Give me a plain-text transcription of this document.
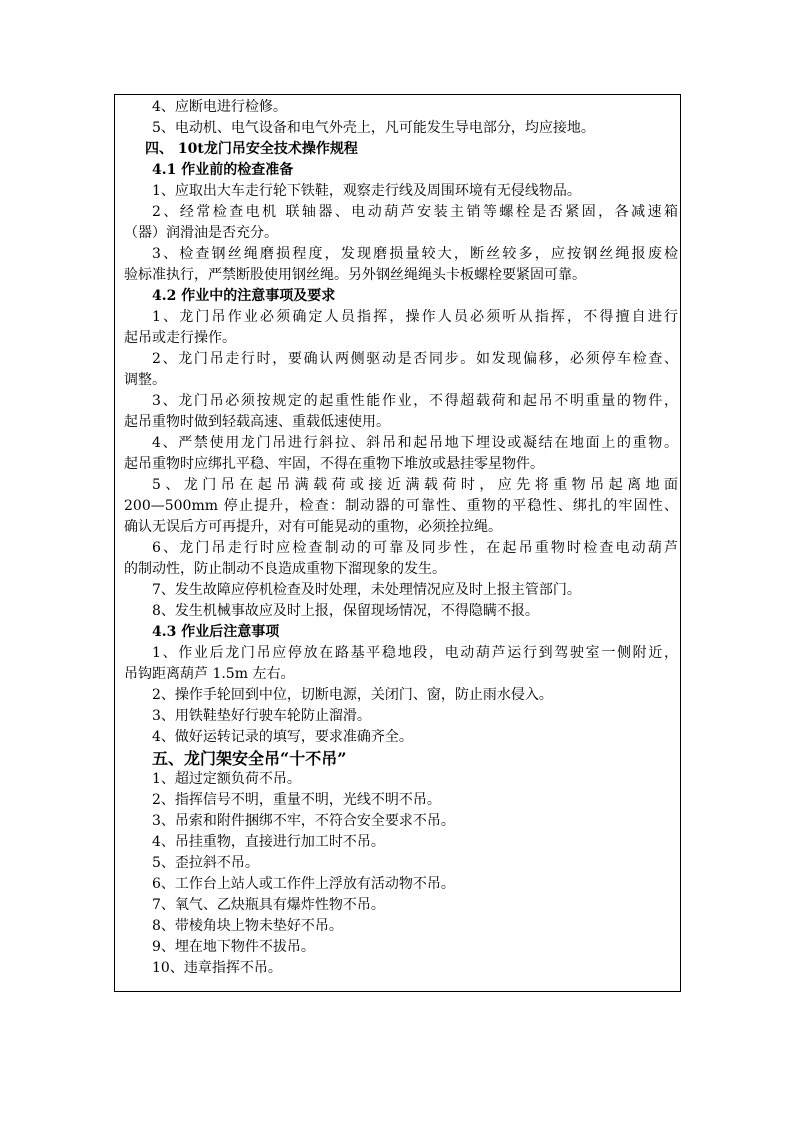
4、应断电进行检修。
5、电动机、电气设备和电气外壳上，凡可能发生导电部分，均应接地。
四、 10t龙门吊安全技术操作规程
4.1 作业前的检查准备
1、应取出大车走行轮下铁鞋，观察走行线及周围环境有无侵线物品。
2、经常检查电机 联轴器、电动葫芦安装主销等螺栓是否紧固，各减速箱
（器）润滑油是否充分。
3、检查钢丝绳磨损程度，发现磨损量较大，断丝较多，应按钢丝绳报废检
验标准执行，严禁断股使用钢丝绳。另外钢丝绳绳头卡板螺栓要紧固可靠。
4.2 作业中的注意事项及要求
1、龙门吊作业必须确定人员指挥，操作人员必须听从指挥，不得擅自进行
起吊或走行操作。
2、龙门吊走行时，要确认两侧驱动是否同步。如发现偏移，必须停车检查、
调整。
3、龙门吊必须按规定的起重性能作业，不得超载荷和起吊不明重量的物件，
起吊重物时做到轻载高速、重载低速使用。
4、严禁使用龙门吊进行斜拉、斜吊和起吊地下埋设或凝结在地面上的重物。
起吊重物时应绑扎平稳、牢固，不得在重物下堆放或悬挂零星物件。
5、龙门吊在起吊满载荷或接近满载荷时，应先将重物吊起离地面
200—500mm 停止提升，检查：制动器的可靠性、重物的平稳性、绑扎的牢固性、
确认无误后方可再提升，对有可能晃动的重物，必须拴拉绳。
6、龙门吊走行时应检查制动的可靠及同步性，在起吊重物时检查电动葫芦
的制动性，防止制动不良造成重物下溜现象的发生。
7、发生故障应停机检查及时处理，未处理情况应及时上报主管部门。
8、发生机械事故应及时上报，保留现场情况，不得隐瞒不报。
4.3 作业后注意事项
1、作业后龙门吊应停放在路基平稳地段，电动葫芦运行到驾驶室一侧附近，
吊钩距离葫芦 1.5m 左右。
2、操作手轮回到中位，切断电源，关闭门、窗，防止雨水侵入。
3、用铁鞋垫好行驶车轮防止溜滑。
4、做好运转记录的填写，要求准确齐全。
五、龙门架安全吊“十不吊”
1、超过定额负荷不吊。
2、指挥信号不明，重量不明，光线不明不吊。
3、吊索和附件捆绑不牢，不符合安全要求不吊。
4、吊挂重物，直接进行加工时不吊。
5、歪拉斜不吊。
6、工作台上站人或工作件上浮放有活动物不吊。
7、氧气、乙炔瓶具有爆炸性物不吊。
8、带棱角块上物未垫好不吊。
9、埋在地下物件不拔吊。
10、违章指挥不吊。
